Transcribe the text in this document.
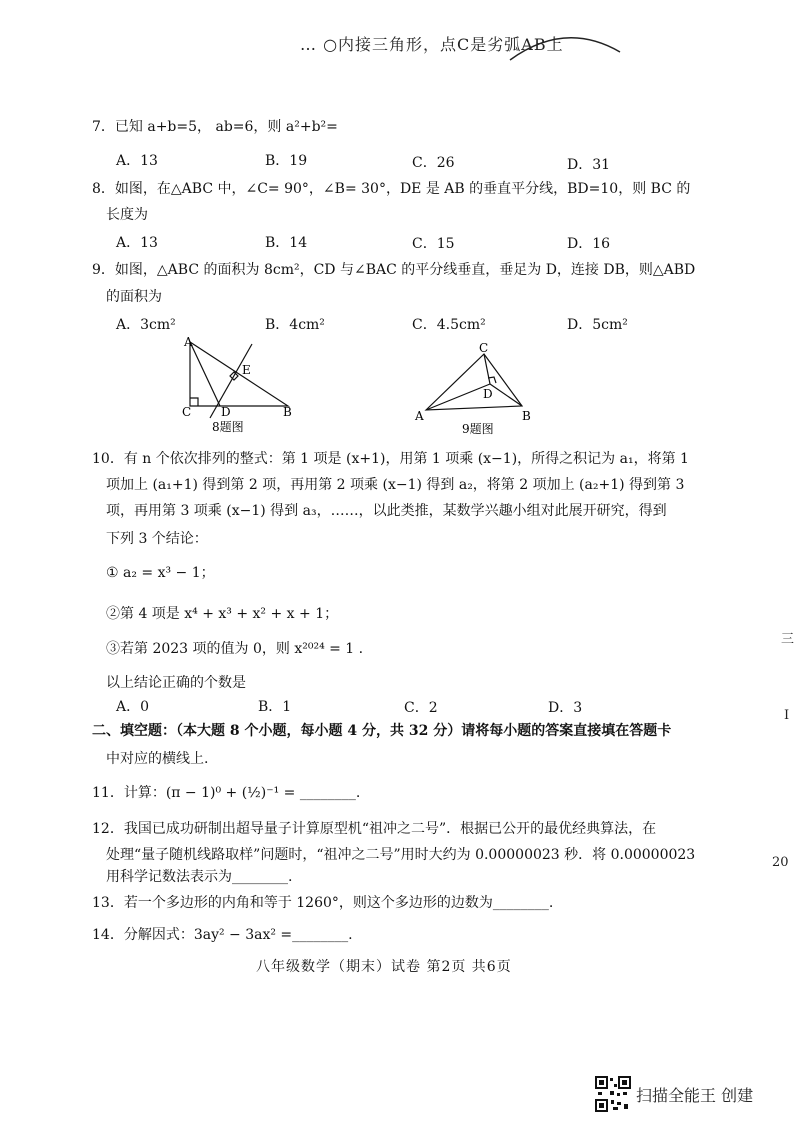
… ○内接三角形，点C是劣弧AB上
7．已知 a+b=5， ab=6，则 a²+b²=
A．13	B．19	C．26	D．31
8．如图，在△ABC 中，∠C= 90°，∠B= 30°，DE 是 AB 的垂直平分线，BD=10，则 BC 的
长度为
A．13	B．14	C．15	D．16
9．如图，△ABC 的面积为 8cm²，CD 与∠BAC 的平分线垂直，垂足为 D，连接 DB，则△ABD
的面积为
A．3cm²	B．4cm²	C．4.5cm²	D．5cm²
A
C D	B
E
8题图
C
D
A	B
9题图
10．有 n 个依次排列的整式：第 1 项是 (x+1)，用第 1 项乘 (x−1)，所得之积记为 a₁，将第 1
项加上 (a₁+1) 得到第 2 项，再用第 2 项乘 (x−1) 得到 a₂，将第 2 项加上 (a₂+1) 得到第 3
项，再用第 3 项乘 (x−1) 得到 a₃，……，以此类推，某数学兴趣小组对此展开研究，得到
下列 3 个结论：
① a₂ = x³ − 1；
②第 4 项是 x⁴ + x³ + x² + x + 1；
③若第 2023 项的值为 0，则 x²⁰²⁴ = 1 .
以上结论正确的个数是
A．0	B．1	C．2	D．3
二、填空题：（本大题 8 个小题，每小题 4 分，共 32 分）请将每小题的答案直接填在答题卡
中对应的横线上.
11．计算：(π − 1)⁰ + (½)⁻¹ = ________.
12．我国已成功研制出超导量子计算原型机“祖冲之二号”．根据已公开的最优经典算法，在
处理“量子随机线路取样”问题时，“祖冲之二号”用时大约为 0.00000023 秒．将 0.00000023
用科学记数法表示为________.
13．若一个多边形的内角和等于 1260°，则这个多边形的边数为________.
14．分解因式：3ay² − 3ax² =________.
八年级数学（期末）试卷 第2页 共6页
三
I
20
扫描全能王 创建
